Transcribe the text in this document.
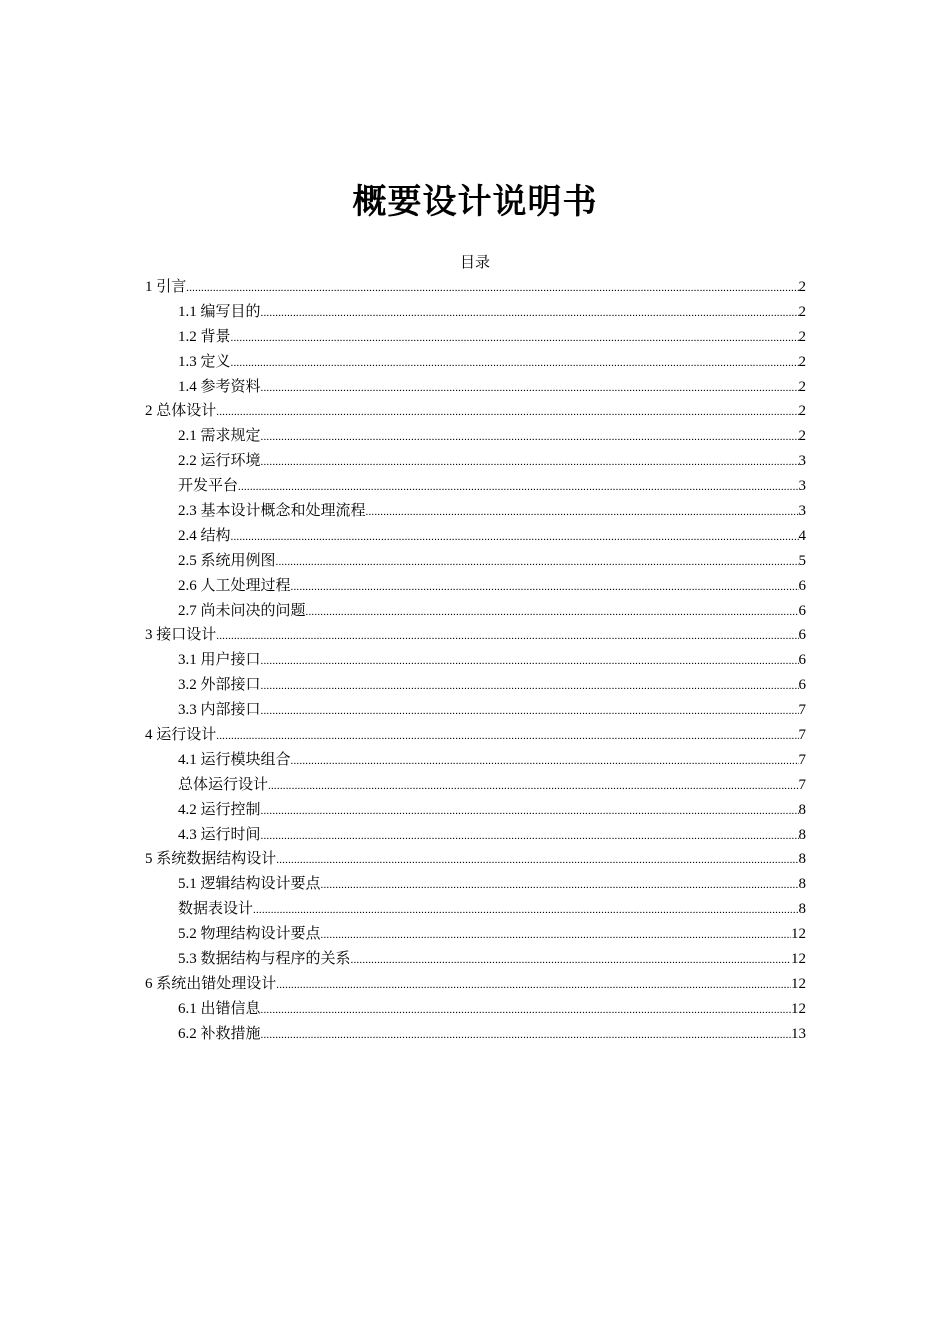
概要设计说明书
目录
1 引言 .....	2
1.1 编写目的 .....	2
1.2 背景 .....	2
1.3 定义 .....	2
1.4 参考资料 .....	2
2 总体设计 .....	2
2.1 需求规定 .....	2
2.2 运行环境 .....	3
开发平台 .....	3
2.3 基本设计概念和处理流程 .....	3
2.4 结构 .....	4
2.5 系统用例图 .....	5
2.6 人工处理过程 .....	6
2.7 尚未问决的问题 .....	6
3 接口设计 .....	6
3.1 用户接口 .....	6
3.2 外部接口 .....	6
3.3 内部接口 .....	7
4 运行设计 .....	7
4.1 运行模块组合 .....	7
总体运行设计 .....	7
4.2 运行控制 .....	8
4.3 运行时间 .....	8
5 系统数据结构设计 .....	8
5.1 逻辑结构设计要点 .....	8
数据表设计 .....	8
5.2 物理结构设计要点 .....	12
5.3 数据结构与程序的关系 .....	12
6 系统出错处理设计 .....	12
6.1 出错信息 .....	12
6.2 补救措施 .....	13
